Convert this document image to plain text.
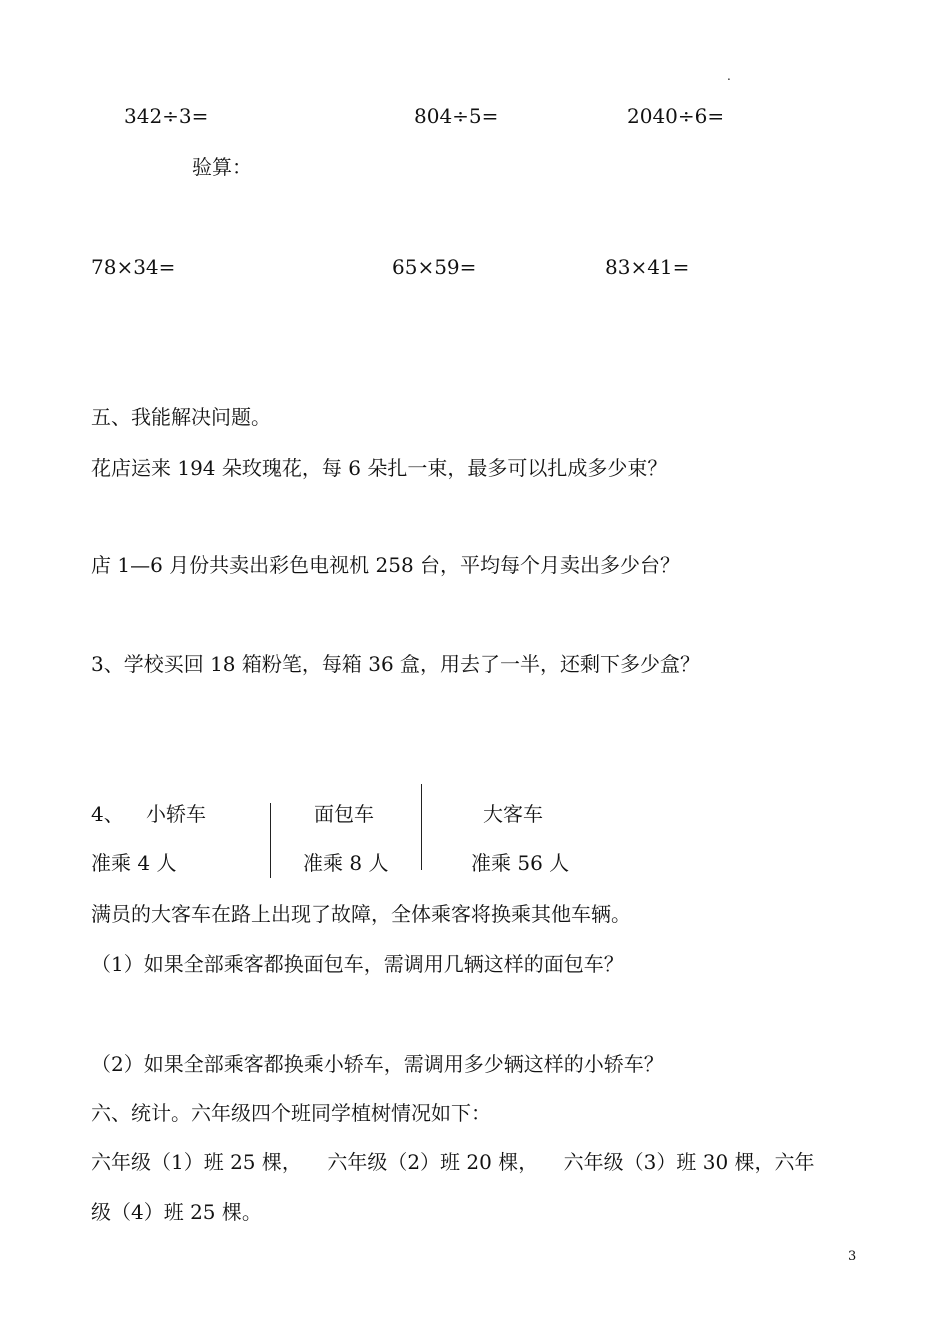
.
342÷3=	804÷5=	2040÷6=
验算：
78×34=	65×59=	83×41=
五、我能解决问题。
花店运来 194 朵玫瑰花，每 6 朵扎一束，最多可以扎成多少束？
店 1—6 月份共卖出彩色电视机 258 台，平均每个月卖出多少台？
3、学校买回 18 箱粉笔，每箱 36 盒，用去了一半，还剩下多少盒？
4、 小轿车	面包车	大客车
准乘 4 人	准乘 8 人	准乘 56 人
满员的大客车在路上出现了故障，全体乘客将换乘其他车辆。
（1）如果全部乘客都换面包车，需调用几辆这样的面包车？
（2）如果全部乘客都换乘小轿车，需调用多少辆这样的小轿车？
六、统计。六年级四个班同学植树情况如下：
六年级（1）班 25 棵，    六年级（2）班 20 棵，    六年级（3）班 30 棵，六年
级（4）班 25 棵。
3
